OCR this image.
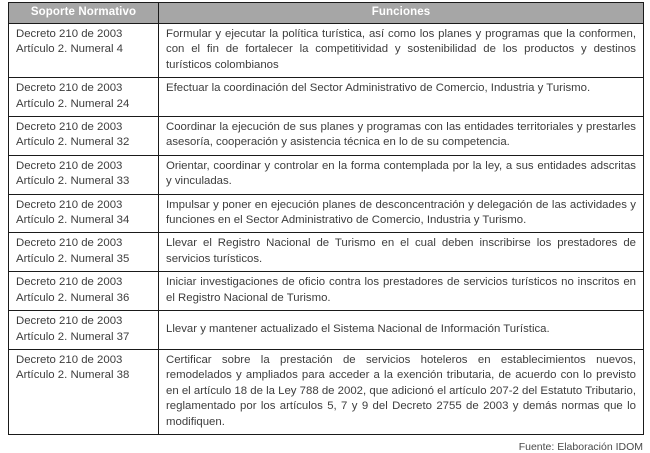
Soporte Normativo	Funciones

Decreto 210 de 2003
Artículo 2. Numeral 4	Formular y ejecutar la política turística, así como los planes y programas que la conformen, con el fin de fortalecer la competitividad y sostenibilidad de los productos y destinos turísticos colombianos

Decreto 210 de 2003
Artículo 2. Numeral 24	Efectuar la coordinación del Sector Administrativo de Comercio, Industria y Turismo.

Decreto 210 de 2003
Artículo 2. Numeral 32	Coordinar la ejecución de sus planes y programas con las entidades territoriales y prestarles asesoría, cooperación y asistencia técnica en lo de su competencia.

Decreto 210 de 2003
Artículo 2. Numeral 33	Orientar, coordinar y controlar en la forma contemplada por la ley, a sus entidades adscritas y vinculadas.

Decreto 210 de 2003
Artículo 2. Numeral 34	Impulsar y poner en ejecución planes de desconcentración y delegación de las actividades y funciones en el Sector Administrativo de Comercio, Industria y Turismo.

Decreto 210 de 2003
Artículo 2. Numeral 35	Llevar el Registro Nacional de Turismo en el cual deben inscribirse los prestadores de servicios turísticos.

Decreto 210 de 2003
Artículo 2. Numeral 36	Iniciar investigaciones de oficio contra los prestadores de servicios turísticos no inscritos en el Registro Nacional de Turismo.

Decreto 210 de 2003
Artículo 2. Numeral 37	Llevar y mantener actualizado el Sistema Nacional de Información Turística.

Decreto 210 de 2003
Artículo 2. Numeral 38	Certificar sobre la prestación de servicios hoteleros en establecimientos nuevos, remodelados y ampliados para acceder a la exención tributaria, de acuerdo con lo previsto en el artículo 18 de la Ley 788 de 2002, que adicionó el artículo 207-2 del Estatuto Tributario, reglamentado por los artículos 5, 7 y 9 del Decreto 2755 de 2003 y demás normas que lo modifiquen.
Fuente: Elaboración IDOM
